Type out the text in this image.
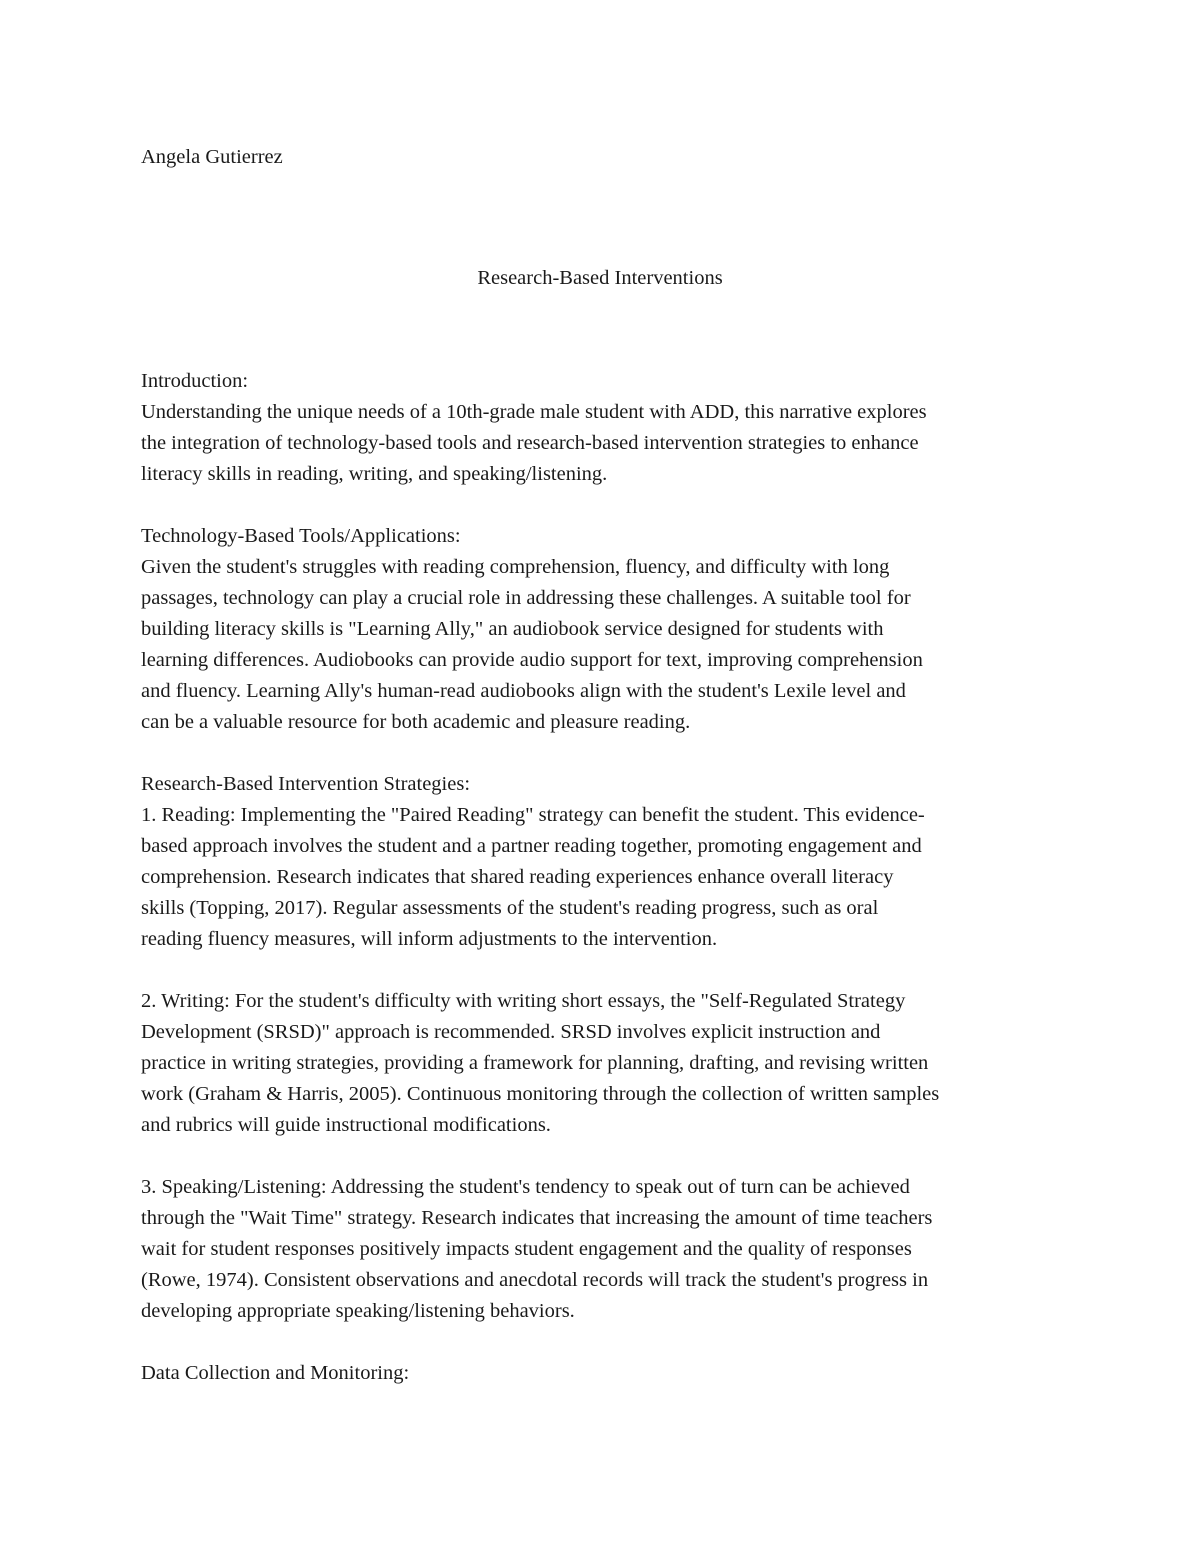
Angela Gutierrez

Research-Based Interventions

Introduction:

Understanding the unique needs of a 10th-grade male student with ADD, this narrative explores

the integration of technology-based tools and research-based intervention strategies to enhance

literacy skills in reading, writing, and speaking/listening.

Technology-Based Tools/Applications:

Given the student's struggles with reading comprehension, fluency, and difficulty with long

passages, technology can play a crucial role in addressing these challenges. A suitable tool for

building literacy skills is "Learning Ally," an audiobook service designed for students with

learning differences. Audiobooks can provide audio support for text, improving comprehension

and fluency. Learning Ally's human-read audiobooks align with the student's Lexile level and

can be a valuable resource for both academic and pleasure reading.

Research-Based Intervention Strategies:

1. Reading: Implementing the "Paired Reading" strategy can benefit the student. This evidence-

based approach involves the student and a partner reading together, promoting engagement and

comprehension. Research indicates that shared reading experiences enhance overall literacy

skills (Topping, 2017). Regular assessments of the student's reading progress, such as oral

reading fluency measures, will inform adjustments to the intervention.

2. Writing: For the student's difficulty with writing short essays, the "Self-Regulated Strategy

Development (SRSD)" approach is recommended. SRSD involves explicit instruction and

practice in writing strategies, providing a framework for planning, drafting, and revising written

work (Graham & Harris, 2005). Continuous monitoring through the collection of written samples

and rubrics will guide instructional modifications.

3. Speaking/Listening: Addressing the student's tendency to speak out of turn can be achieved

through the "Wait Time" strategy. Research indicates that increasing the amount of time teachers

wait for student responses positively impacts student engagement and the quality of responses

(Rowe, 1974). Consistent observations and anecdotal records will track the student's progress in

developing appropriate speaking/listening behaviors.

Data Collection and Monitoring:
